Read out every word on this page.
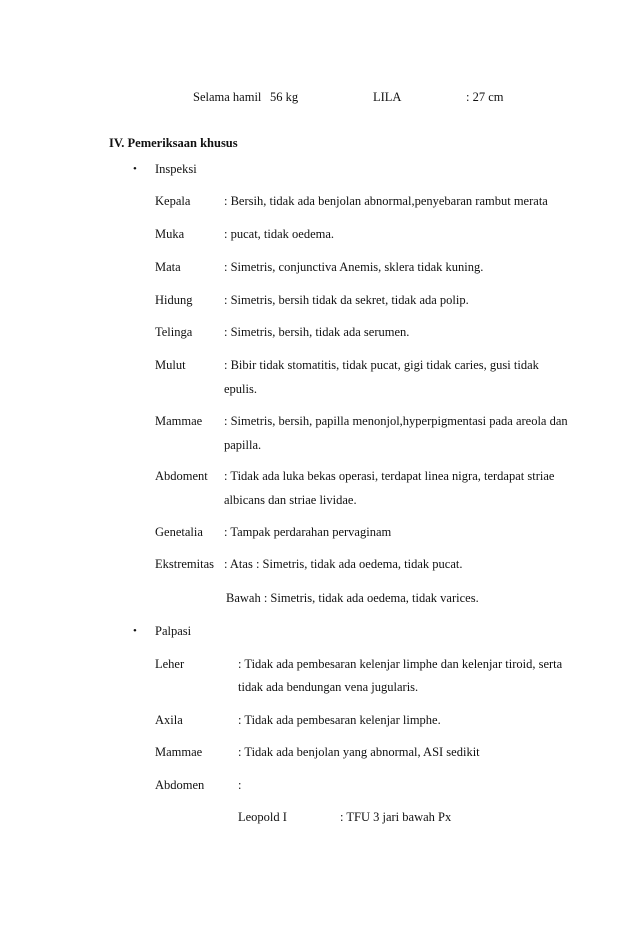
Selama hamil 56 kg	LILA	: 27 cm
IV. Pemeriksaan khusus
• Inspeksi
Kepala	: Bersih, tidak ada benjolan abnormal,penyebaran rambut merata
Muka	: pucat, tidak oedema.
Mata	: Simetris, conjunctiva Anemis, sklera tidak kuning.
Hidung	: Simetris, bersih tidak da sekret, tidak ada polip.
Telinga	: Simetris, bersih, tidak ada serumen.
Mulut	: Bibir tidak stomatitis, tidak pucat, gigi tidak caries, gusi tidak
epulis.
Mammae : Simetris, bersih, papilla menonjol,hyperpigmentasi pada areola dan
papilla.
Abdoment : Tidak ada luka bekas operasi, terdapat linea nigra, terdapat striae
albicans dan striae lividae.
Genetalia : Tampak perdarahan pervaginam
Ekstremitas : Atas : Simetris, tidak ada oedema, tidak pucat.
Bawah : Simetris, tidak ada oedema, tidak varices.
• Palpasi
Leher	: Tidak ada pembesaran kelenjar limphe dan kelenjar tiroid, serta
tidak ada bendungan vena jugularis.
Axila	: Tidak ada pembesaran kelenjar limphe.
Mammae	: Tidak ada benjolan yang abnormal, ASI sedikit
Abdomen	:
Leopold I	: TFU 3 jari bawah Px
